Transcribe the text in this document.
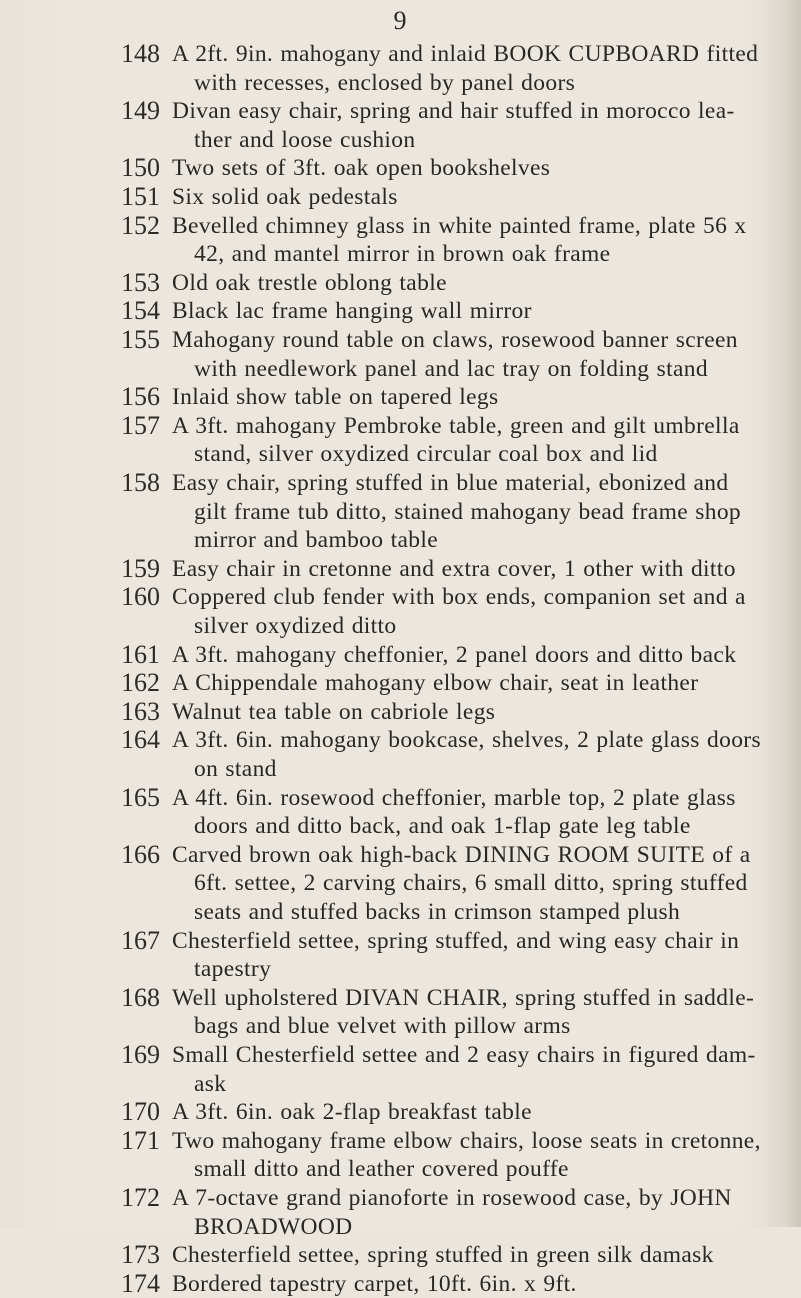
9
148 A 2ft. 9in. mahogany and inlaid BOOK CUPBOARD fitted
with recesses, enclosed by panel doors
149 Divan easy chair, spring and hair stuffed in morocco lea-
ther and loose cushion
150 Two sets of 3ft. oak open bookshelves
151 Six solid oak pedestals
152 Bevelled chimney glass in white painted frame, plate 56 x
42, and mantel mirror in brown oak frame
153 Old oak trestle oblong table
154 Black lac frame hanging wall mirror
155 Mahogany round table on claws, rosewood banner screen
with needlework panel and lac tray on folding stand
156 Inlaid show table on tapered legs
157 A 3ft. mahogany Pembroke table, green and gilt umbrella
stand, silver oxydized circular coal box and lid
158 Easy chair, spring stuffed in blue material, ebonized and
gilt frame tub ditto, stained mahogany bead frame shop
mirror and bamboo table
159 Easy chair in cretonne and extra cover, 1 other with ditto
160 Coppered club fender with box ends, companion set and a
silver oxydized ditto
161 A 3ft. mahogany cheffonier, 2 panel doors and ditto back
162 A Chippendale mahogany elbow chair, seat in leather
163 Walnut tea table on cabriole legs
164 A 3ft. 6in. mahogany bookcase, shelves, 2 plate glass doors
on stand
165 A 4ft. 6in. rosewood cheffonier, marble top, 2 plate glass
doors and ditto back, and oak 1-flap gate leg table
166 Carved brown oak high-back DINING ROOM SUITE of a
6ft. settee, 2 carving chairs, 6 small ditto, spring stuffed
seats and stuffed backs in crimson stamped plush
167 Chesterfield settee, spring stuffed, and wing easy chair in
tapestry
168 Well upholstered DIVAN CHAIR, spring stuffed in saddle-
bags and blue velvet with pillow arms
169 Small Chesterfield settee and 2 easy chairs in figured dam-
ask
170 A 3ft. 6in. oak 2-flap breakfast table
171 Two mahogany frame elbow chairs, loose seats in cretonne,
small ditto and leather covered pouffe
172 A 7-octave grand pianoforte in rosewood case, by JOHN
BROADWOOD
173 Chesterfield settee, spring stuffed in green silk damask
174 Bordered tapestry carpet, 10ft. 6in. x 9ft.
